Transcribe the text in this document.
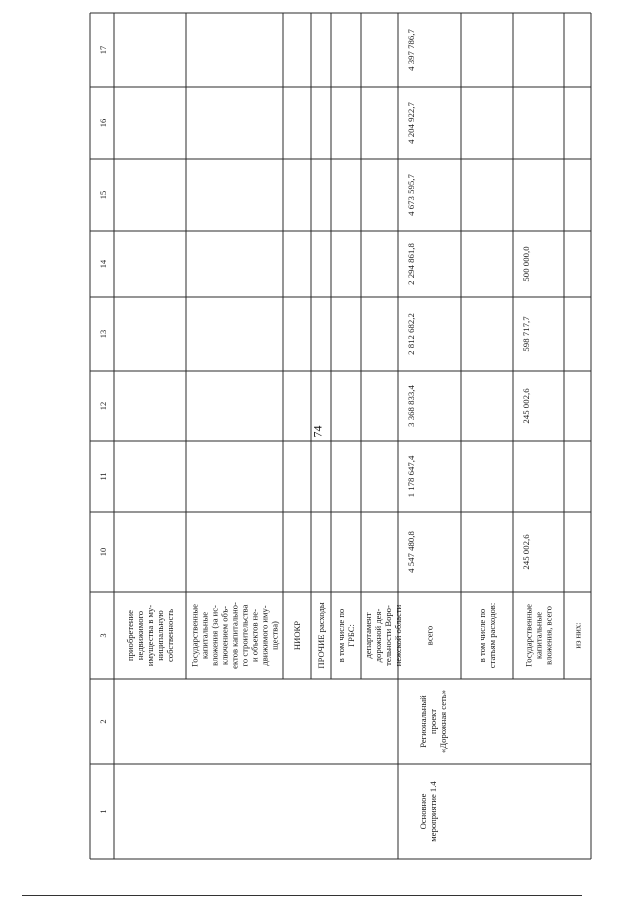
74
1
2
3
10
11
12
13
14
15
16
17
приобретениенедвижимогоимущества в му-ниципальнуюсобственность Государственныекапитальныевложения (за ис-ключением объ-ектов капитально-го строительстваи объектов не-движимого иму-щества) НИОКР ПРОЧИЕ расходы в том числе поГРБС: департаментдорожной дея-тельности Воро-нежской области
Основноемероприятие 1.4
Региональныйпроект«Дорожная сеть»
всего
4 547 480,8
1 178 647,4
3 368 833,4
2 812 682,2
2 294 861,8
4 673 595,7
4 204 922,7
4 397 786,7
в том числе постатьям расходов:	Государственныекапитальныевложения, всего
245 002,6
245 002,6
598 717,7
500 000,0
из них:
